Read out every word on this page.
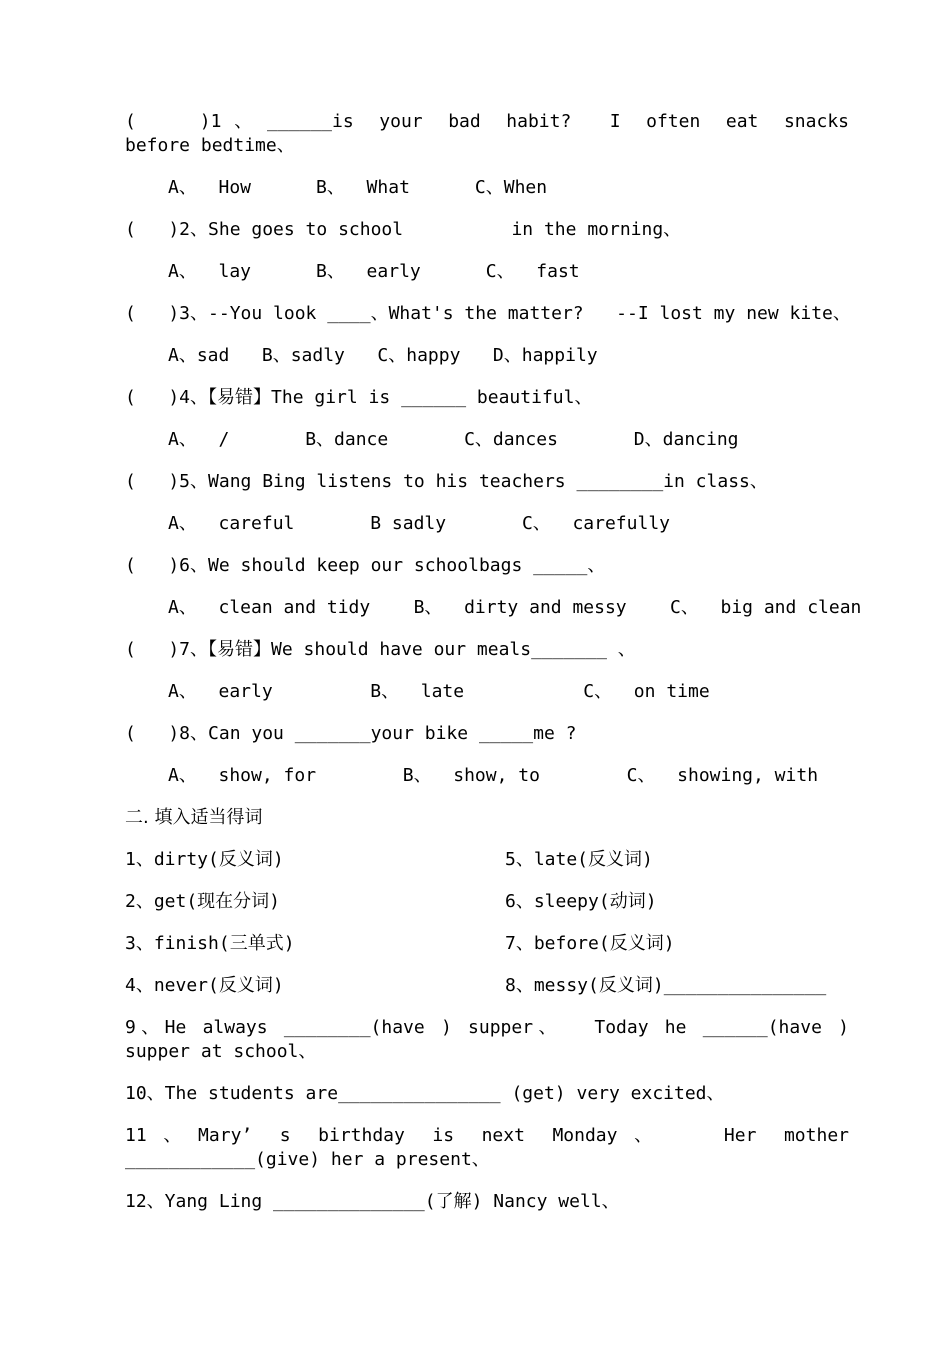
(     )1 、 ______is  your  bad  habit?   I  often  eat  snacks  before bedtime、
A、  How      B、  What      C、When
(   )2、She goes to school          in the morning、
A、  lay      B、  early      C、  fast
(   )3、--You look ____、What's the matter?   --I lost my new kite、
A、sad   B、sadly   C、happy   D、happily
(   )4、【易错】The girl is ______ beautiful、
A、  /       B、dance       C、dances       D、dancing
(   )5、Wang Bing listens to his teachers ________in class、
A、  careful       B sadly       C、  carefully
(   )6、We should keep our schoolbags _____、
A、  clean and tidy    B、  dirty and messy    C、  big and clean
(   )7、【易错】We should have our meals_______ 、
A、  early         B、  late           C、  on time
(   )8、Can you _______your bike _____me ?
A、  show, for        B、  show, to        C、  showing, with
二. 填入适当得词
1、dirty(反义词)	5、late(反义词)
2、get(现在分词)	6、sleepy(动词)
3、finish(三单式)	7、before(反义词)
4、never(反义词)	8、messy(反义词)_______________
9、He always ________(have ) supper、  Today he ______(have )  supper at school、
10、The students are_______________ (get) very excited、
11、Mary’ s birthday is next Monday、  Her mother ____________(give) her a present、
12、Yang Ling ______________(了解) Nancy well、
